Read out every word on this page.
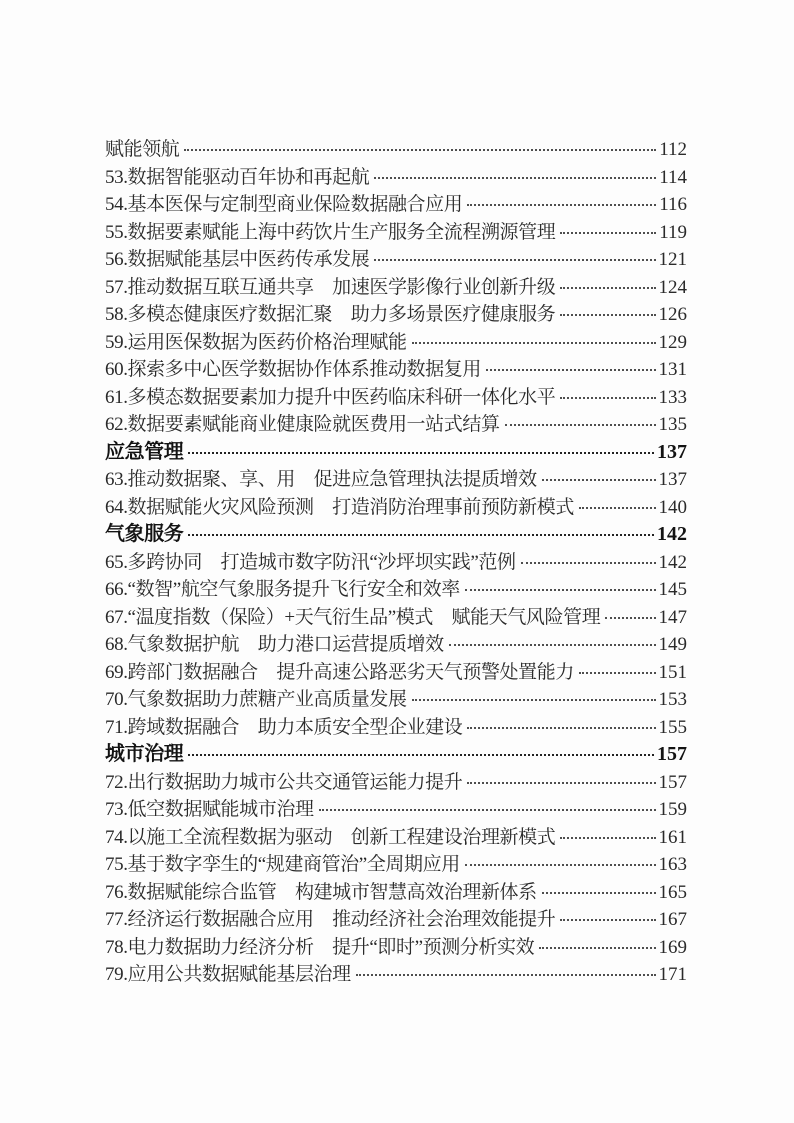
赋能领航	112
53.数据智能驱动百年协和再起航	114
54.基本医保与定制型商业保险数据融合应用	116
55.数据要素赋能上海中药饮片生产服务全流程溯源管理	119
56.数据赋能基层中医药传承发展	121
57.推动数据互联互通共享　加速医学影像行业创新升级	124
58.多模态健康医疗数据汇聚　助力多场景医疗健康服务	126
59.运用医保数据为医药价格治理赋能	129
60.探索多中心医学数据协作体系推动数据复用	131
61.多模态数据要素加力提升中医药临床科研一体化水平	133
62.数据要素赋能商业健康险就医费用一站式结算	135
应急管理	137
63.推动数据聚、享、用　促进应急管理执法提质增效	137
64.数据赋能火灾风险预测　打造消防治理事前预防新模式	140
气象服务	142
65.多跨协同　打造城市数字防汛“沙坪坝实践”范例	142
66.“数智”航空气象服务提升飞行安全和效率	145
67.“温度指数（保险）+天气衍生品”模式　赋能天气风险管理	147
68.气象数据护航　助力港口运营提质增效	149
69.跨部门数据融合　提升高速公路恶劣天气预警处置能力	151
70.气象数据助力蔗糖产业高质量发展	153
71.跨域数据融合　助力本质安全型企业建设	155
城市治理	157
72.出行数据助力城市公共交通管运能力提升	157
73.低空数据赋能城市治理	159
74.以施工全流程数据为驱动　创新工程建设治理新模式	161
75.基于数字孪生的“规建商管治”全周期应用	163
76.数据赋能综合监管　构建城市智慧高效治理新体系	165
77.经济运行数据融合应用　推动经济社会治理效能提升	167
78.电力数据助力经济分析　提升“即时”预测分析实效	169
79.应用公共数据赋能基层治理	171
